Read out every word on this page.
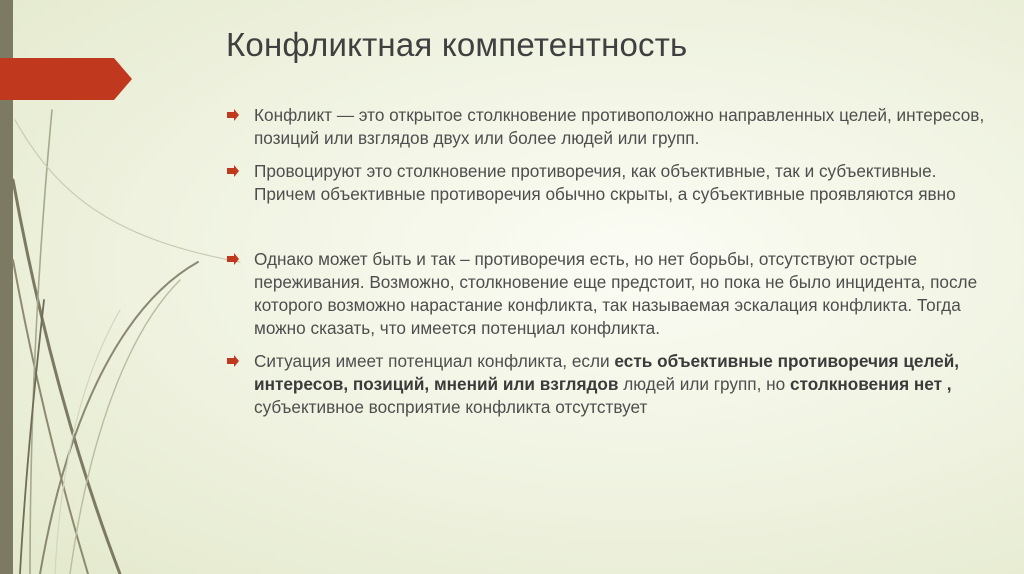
Конфликтная компетентность
Конфликт — это открытое столкновение противоположно направленных целей, интересов, позиций или взглядов двух или более людей или групп.
Провоцируют это столкновение противоречия, как объективные, так и субъективные. Причем объективные противоречия обычно скрыты, а субъективные проявляются явно
Однако может быть и так – противоречия есть, но нет борьбы, отсутствуют острые переживания. Возможно, столкновение еще предстоит, но пока не было инцидента, после которого возможно нарастание конфликта, так называемая эскалация конфликта. Тогда можно сказать, что имеется потенциал конфликта.
Ситуация имеет потенциал конфликта, если есть объективные противоречия целей, интересов, позиций, мнений или взглядов людей или групп, но столкновения нет , субъективное восприятие конфликта отсутствует
